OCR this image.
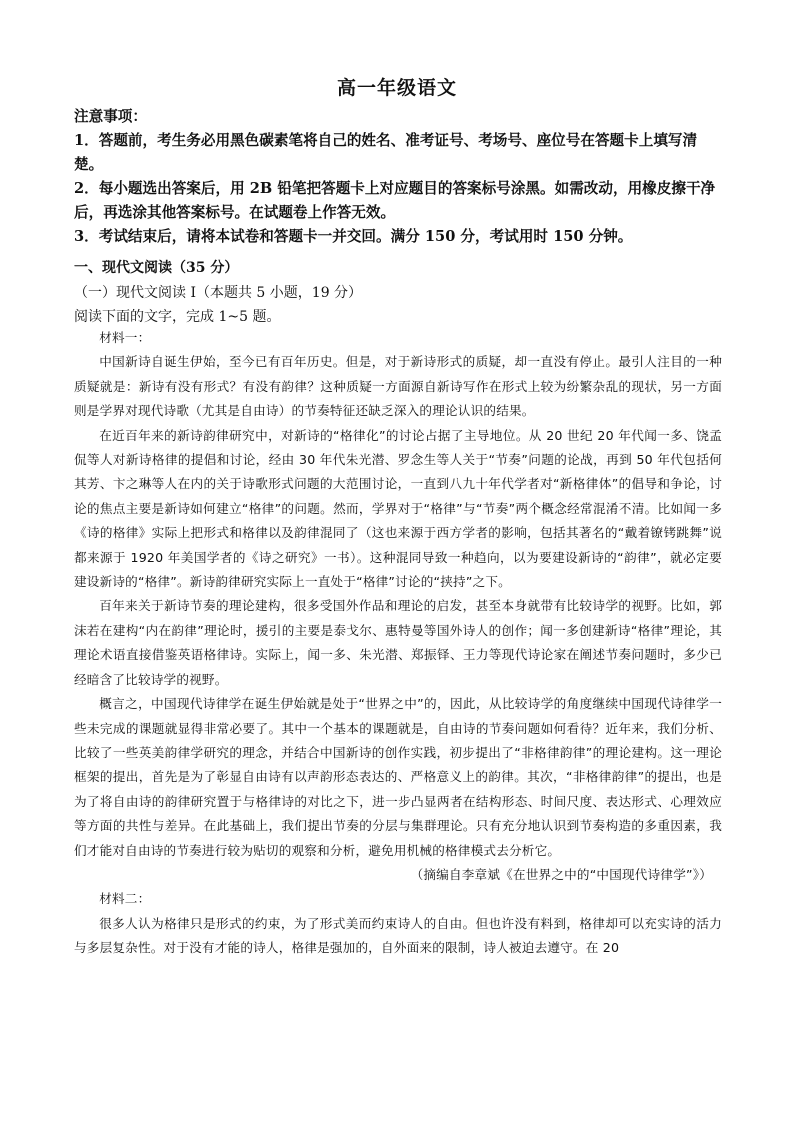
高一年级语文

注意事项：

1．答题前，考生务必用黑色碳素笔将自己的姓名、准考证号、考场号、座位号在答题卡上填写清楚。

2．每小题选出答案后，用 2B 铅笔把答题卡上对应题目的答案标号涂黑。如需改动，用橡皮擦干净后，再选涂其他答案标号。在试题卷上作答无效。

3．考试结束后，请将本试卷和答题卡一并交回。满分 150 分，考试用时 150 分钟。

一、现代文阅读（35 分）
（一）现代文阅读 I（本题共 5 小题，19 分）
阅读下面的文字，完成 1~5 题。

材料一：

中国新诗自诞生伊始，至今已有百年历史。但是，对于新诗形式的质疑，却一直没有停止。最引人注目的一种质疑就是：新诗有没有形式？有没有韵律？这种质疑一方面源自新诗写作在形式上较为纷繁杂乱的现状，另一方面则是学界对现代诗歌（尤其是自由诗）的节奏特征还缺乏深入的理论认识的结果。

在近百年来的新诗韵律研究中，对新诗的“格律化”的讨论占据了主导地位。从 20 世纪 20 年代闻一多、饶孟侃等人对新诗格律的提倡和讨论，经由 30 年代朱光潜、罗念生等人关于“节奏”问题的论战，再到 50 年代包括何其芳、卞之琳等人在内的关于诗歌形式问题的大范围讨论，一直到八九十年代学者对“新格律体”的倡导和争论，讨论的焦点主要是新诗如何建立“格律”的问题。然而，学界对于“格律”与“节奏”两个概念经常混淆不清。比如闻一多《诗的格律》实际上把形式和格律以及韵律混同了（这也来源于西方学者的影响，包括其著名的“戴着镣铐跳舞”说都来源于 1920 年美国学者的《诗之研究》一书）。这种混同导致一种趋向，以为要建设新诗的“韵律”，就必定要建设新诗的“格律”。新诗韵律研究实际上一直处于“格律”讨论的“挟持”之下。

百年来关于新诗节奏的理论建构，很多受国外作品和理论的启发，甚至本身就带有比较诗学的视野。比如，郭沫若在建构“内在韵律”理论时，援引的主要是泰戈尔、惠特曼等国外诗人的创作；闻一多创建新诗“格律”理论，其理论术语直接借鉴英语格律诗。实际上，闻一多、朱光潜、郑振铎、王力等现代诗论家在阐述节奏问题时，多少已经暗含了比较诗学的视野。

概言之，中国现代诗律学在诞生伊始就是处于“世界之中”的，因此，从比较诗学的角度继续中国现代诗律学一些未完成的课题就显得非常必要了。其中一个基本的课题就是，自由诗的节奏问题如何看待？近年来，我们分析、比较了一些英美韵律学研究的理念，并结合中国新诗的创作实践，初步提出了“非格律韵律”的理论建构。这一理论框架的提出，首先是为了彰显自由诗有以声韵形态表达的、严格意义上的韵律。其次，“非格律韵律”的提出，也是为了将自由诗的韵律研究置于与格律诗的对比之下，进一步凸显两者在结构形态、时间尺度、表达形式、心理效应等方面的共性与差异。在此基础上，我们提出节奏的分层与集群理论。只有充分地认识到节奏构造的多重因素，我们才能对自由诗的节奏进行较为贴切的观察和分析，避免用机械的格律模式去分析它。

（摘编自李章斌《在世界之中的“中国现代诗律学”》）

材料二：

很多人认为格律只是形式的约束，为了形式美而约束诗人的自由。但也许没有料到，格律却可以充实诗的活力与多层复杂性。对于没有才能的诗人，格律是强加的，自外面来的限制，诗人被迫去遵守。在 20
